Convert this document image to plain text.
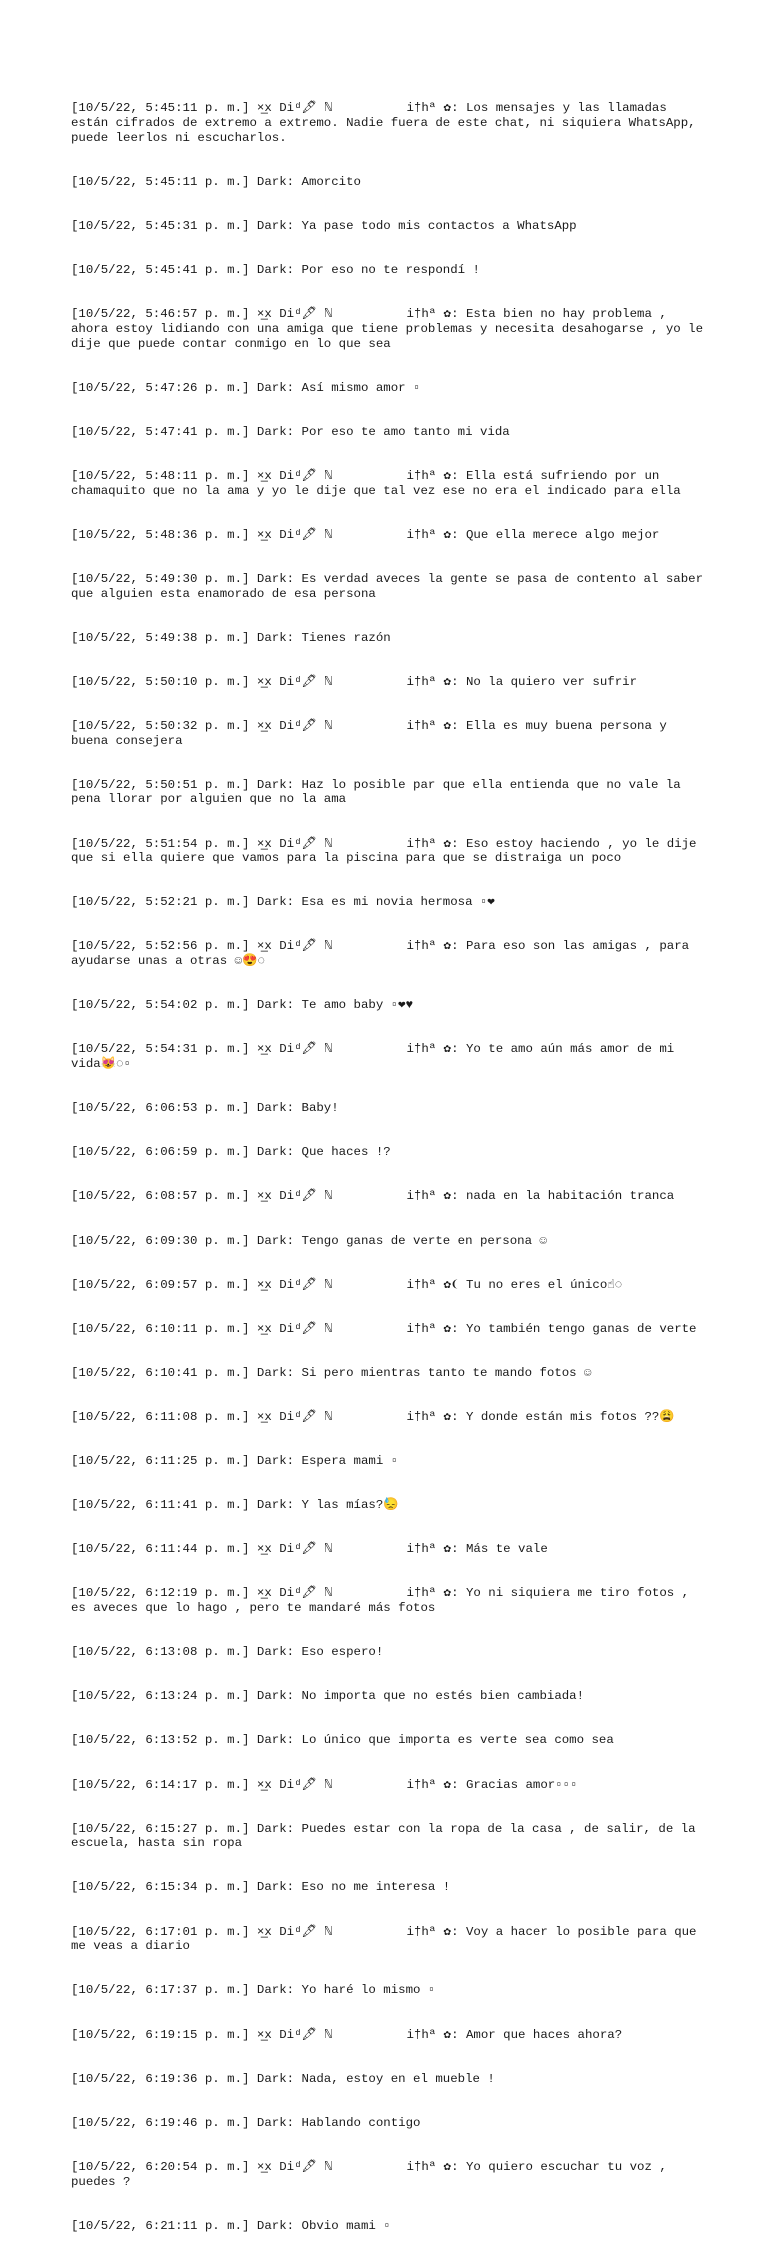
[10/5/22, 5:45:11 p. m.] ×̲x Diᵈ🖋 ℕ          i†hª ✿: Los mensajes y las llamadas están cifrados de extremo a extremo. Nadie fuera de este chat, ni siquiera WhatsApp, puede leerlos ni escucharlos.

[10/5/22, 5:45:11 p. m.] Dark: Amorcito

[10/5/22, 5:45:31 p. m.] Dark: Ya pase todo mis contactos a WhatsApp

[10/5/22, 5:45:41 p. m.] Dark: Por eso no te respondí !

[10/5/22, 5:46:57 p. m.] ×̲x Diᵈ🖋 ℕ          i†hª ✿: Esta bien no hay problema , ahora estoy lidiando con una amiga que tiene problemas y necesita desahogarse , yo le dije que puede contar conmigo en lo que sea

[10/5/22, 5:47:26 p. m.] Dark: Así mismo amor ▫

[10/5/22, 5:47:41 p. m.] Dark: Por eso te amo tanto mi vida

[10/5/22, 5:48:11 p. m.] ×̲x Diᵈ🖋 ℕ          i†hª ✿: Ella está sufriendo por un chamaquito que no la ama y yo le dije que tal vez ese no era el indicado para ella

[10/5/22, 5:48:36 p. m.] ×̲x Diᵈ🖋 ℕ          i†hª ✿: Que ella merece algo mejor

[10/5/22, 5:49:30 p. m.] Dark: Es verdad aveces la gente se pasa de contento al saber que alguien esta enamorado de esa persona

[10/5/22, 5:49:38 p. m.] Dark: Tienes razón

[10/5/22, 5:50:10 p. m.] ×̲x Diᵈ🖋 ℕ          i†hª ✿: No la quiero ver sufrir

[10/5/22, 5:50:32 p. m.] ×̲x Diᵈ🖋 ℕ          i†hª ✿: Ella es muy buena persona y buena consejera

[10/5/22, 5:50:51 p. m.] Dark: Haz lo posible par que ella entienda que no vale la pena llorar por alguien que no la ama

[10/5/22, 5:51:54 p. m.] ×̲x Diᵈ🖋 ℕ          i†hª ✿: Eso estoy haciendo , yo le dije que si ella quiere que vamos para la piscina para que se distraiga un poco

[10/5/22, 5:52:21 p. m.] Dark: Esa es mi novia hermosa ▫❤

[10/5/22, 5:52:56 p. m.] ×̲x Diᵈ🖋 ℕ          i†hª ✿: Para eso son las amigas , para ayudarse unas a otras ☺😍◌

[10/5/22, 5:54:02 p. m.] Dark: Te amo baby ▫❤♥

[10/5/22, 5:54:31 p. m.] ×̲x Diᵈ🖋 ℕ          i†hª ✿: Yo te amo aún más amor de mi vida😻◌▫

[10/5/22, 6:06:53 p. m.] Dark: Baby!

[10/5/22, 6:06:59 p. m.] Dark: Que haces !?

[10/5/22, 6:08:57 p. m.] ×̲x Diᵈ🖋 ℕ          i†hª ✿: nada en la habitación tranca

[10/5/22, 6:09:30 p. m.] Dark: Tengo ganas de verte en persona ☺

[10/5/22, 6:09:57 p. m.] ×̲x Diᵈ🖋 ℕ          i†hª ✿❨ Tu no eres el único☝◌

[10/5/22, 6:10:11 p. m.] ×̲x Diᵈ🖋 ℕ          i†hª ✿: Yo también tengo ganas de verte

[10/5/22, 6:10:41 p. m.] Dark: Si pero mientras tanto te mando fotos ☺

[10/5/22, 6:11:08 p. m.] ×̲x Diᵈ🖋 ℕ          i†hª ✿: Y donde están mis fotos ??😩

[10/5/22, 6:11:25 p. m.] Dark: Espera mami ▫

[10/5/22, 6:11:41 p. m.] Dark: Y las mías?😓

[10/5/22, 6:11:44 p. m.] ×̲x Diᵈ🖋 ℕ          i†hª ✿: Más te vale

[10/5/22, 6:12:19 p. m.] ×̲x Diᵈ🖋 ℕ          i†hª ✿: Yo ni siquiera me tiro fotos , es aveces que lo hago , pero te mandaré más fotos

[10/5/22, 6:13:08 p. m.] Dark: Eso espero!

[10/5/22, 6:13:24 p. m.] Dark: No importa que no estés bien cambiada!

[10/5/22, 6:13:52 p. m.] Dark: Lo único que importa es verte sea como sea

[10/5/22, 6:14:17 p. m.] ×̲x Diᵈ🖋 ℕ          i†hª ✿: Gracias amor▫▫▫

[10/5/22, 6:15:27 p. m.] Dark: Puedes estar con la ropa de la casa , de salir, de la escuela, hasta sin ropa

[10/5/22, 6:15:34 p. m.] Dark: Eso no me interesa !

[10/5/22, 6:17:01 p. m.] ×̲x Diᵈ🖋 ℕ          i†hª ✿: Voy a hacer lo posible para que me veas a diario

[10/5/22, 6:17:37 p. m.] Dark: Yo haré lo mismo ▫

[10/5/22, 6:19:15 p. m.] ×̲x Diᵈ🖋 ℕ          i†hª ✿: Amor que haces ahora?

[10/5/22, 6:19:36 p. m.] Dark: Nada, estoy en el mueble !

[10/5/22, 6:19:46 p. m.] Dark: Hablando contigo

[10/5/22, 6:20:54 p. m.] ×̲x Diᵈ🖋 ℕ          i†hª ✿: Yo quiero escuchar tu voz , puedes ?

[10/5/22, 6:21:11 p. m.] Dark: Obvio mami ▫
